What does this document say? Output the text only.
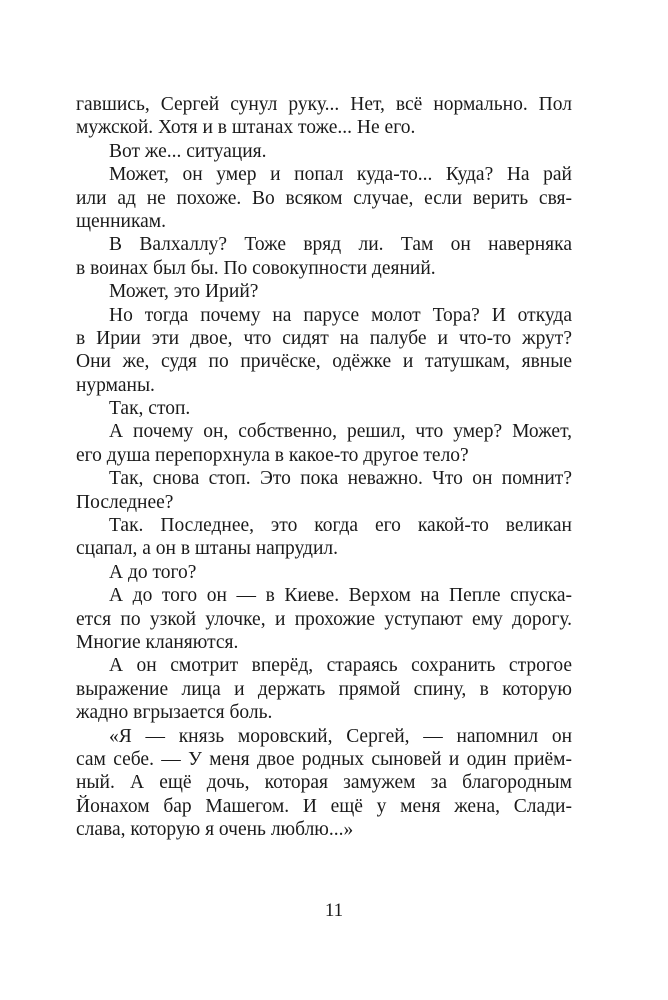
гавшись, Сергей сунул руку... Нет, всё нормально. Пол
мужской. Хотя и в штанах тоже... Не его.
Вот же... ситуация.
Может, он умер и попал куда-то... Куда? На рай
или ад не похоже. Во всяком случае, если верить свя-
щенникам.
В Валхаллу? Тоже вряд ли. Там он наверняка
в воинах был бы. По совокупности деяний.
Может, это Ирий?
Но тогда почему на парусе молот Тора? И откуда
в Ирии эти двое, что сидят на палубе и что-то жрут?
Они же, судя по причёске, одёжке и татушкам, явные
нурманы.
Так, стоп.
А почему он, собственно, решил, что умер? Может,
его душа перепорхнула в какое-то другое тело?
Так, снова стоп. Это пока неважно. Что он помнит?
Последнее?
Так. Последнее, это когда его какой-то великан
сцапал, а он в штаны напрудил.
А до того?
А до того он — в Киеве. Верхом на Пепле спуска-
ется по узкой улочке, и прохожие уступают ему дорогу.
Многие кланяются.
А он смотрит вперёд, стараясь сохранить строгое
выражение лица и держать прямой спину, в которую
жадно вгрызается боль.
«Я — князь моровский, Сергей, — напомнил он
сам себе. — У меня двое родных сыновей и один приём-
ный. А ещё дочь, которая замужем за благородным
Йонахом бар Машегом. И ещё у меня жена, Слади-
слава, которую я очень люблю...»
11
